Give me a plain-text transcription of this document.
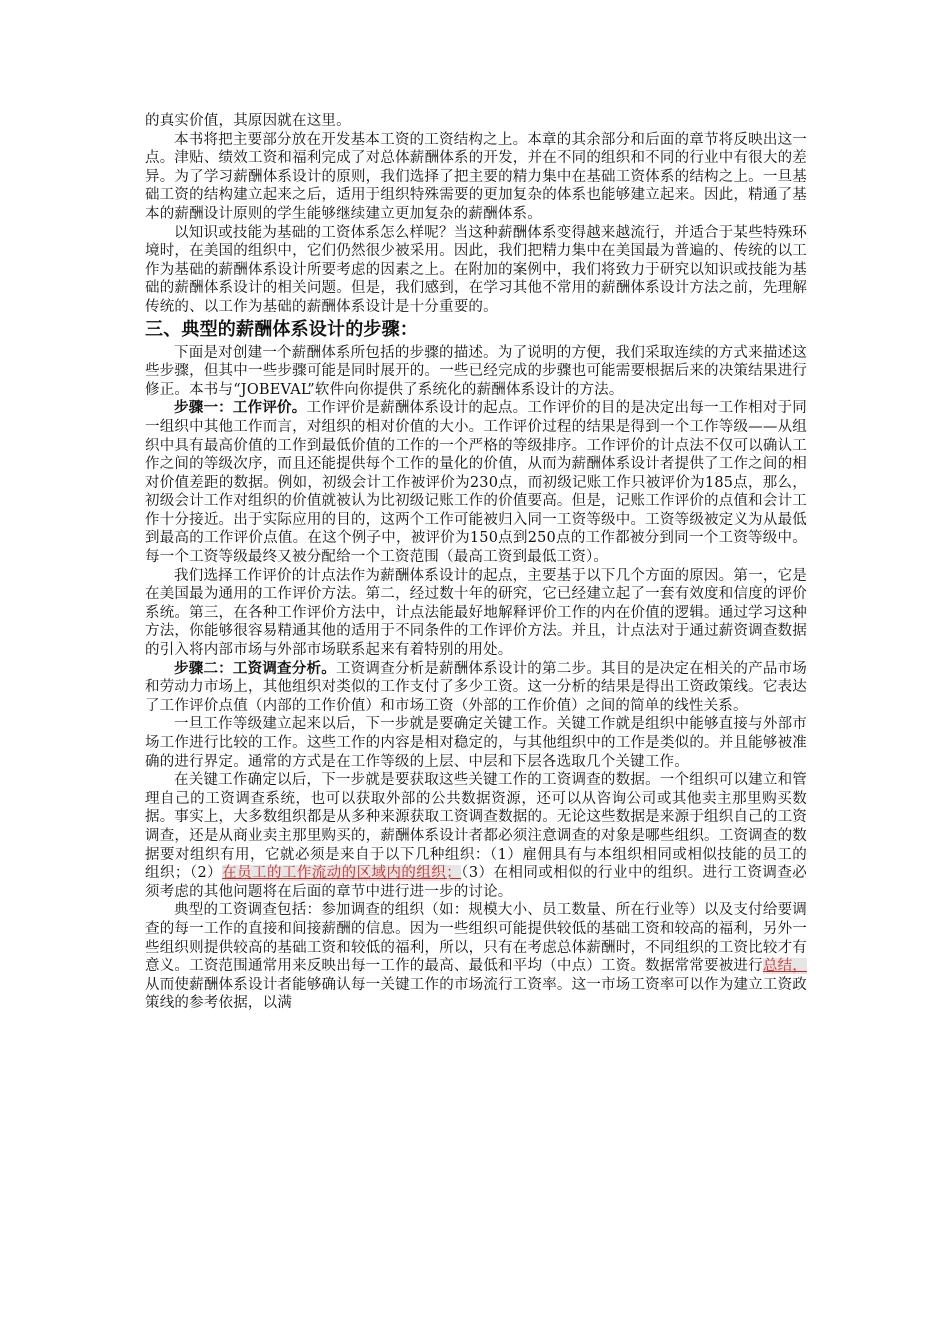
的真实价值，其原因就在这里。

本书将把主要部分放在开发基本工资的工资结构之上。本章的其余部分和后面的章节将反映出这一点。津贴、绩效工资和福利完成了对总体薪酬体系的开发，并在不同的组织和不同的行业中有很大的差异。为了学习薪酬体系设计的原则，我们选择了把主要的精力集中在基础工资体系的结构之上。一旦基础工资的结构建立起来之后，适用于组织特殊需要的更加复杂的体系也能够建立起来。因此，精通了基本的薪酬设计原则的学生能够继续建立更加复杂的薪酬体系。

以知识或技能为基础的工资体系怎么样呢？当这种薪酬体系变得越来越流行，并适合于某些特殊环境时，在美国的组织中，它们仍然很少被采用。因此，我们把精力集中在美国最为普遍的、传统的以工作为基础的薪酬体系设计所要考虑的因素之上。在附加的案例中，我们将致力于研究以知识或技能为基础的薪酬体系设计的相关问题。但是，我们感到，在学习其他不常用的薪酬体系设计方法之前，先理解传统的、以工作为基础的薪酬体系设计是十分重要的。

三、典型的薪酬体系设计的步骤：

下面是对创建一个薪酬体系所包括的步骤的描述。为了说明的方便，我们采取连续的方式来描述这些步骤，但其中一些步骤可能是同时展开的。一些已经完成的步骤也可能需要根据后来的决策结果进行修正。本书与“JOBEVAL”软件向你提供了系统化的薪酬体系设计的方法。

步骤一：工作评价。工作评价是薪酬体系设计的起点。工作评价的目的是决定出每一工作相对于同一组织中其他工作而言，对组织的相对价值的大小。工作评价过程的结果是得到一个工作等级——从组织中具有最高价值的工作到最低价值的工作的一个严格的等级排序。工作评价的计点法不仅可以确认工作之间的等级次序，而且还能提供每个工作的量化的价值，从而为薪酬体系设计者提供了工作之间的相对价值差距的数据。例如，初级会计工作被评价为230点，而初级记账工作只被评价为185点，那么，初级会计工作对组织的价值就被认为比初级记账工作的价值要高。但是，记账工作评价的点值和会计工作十分接近。出于实际应用的目的，这两个工作可能被归入同一工资等级中。工资等级被定义为从最低到最高的工作评价点值。在这个例子中，被评价为150点到250点的工作都被分到同一个工资等级中。每一个工资等级最终又被分配给一个工资范围（最高工资到最低工资）。

我们选择工作评价的计点法作为薪酬体系设计的起点，主要基于以下几个方面的原因。第一，它是在美国最为通用的工作评价方法。第二，经过数十年的研究，它已经建立起了一套有效度和信度的评价系统。第三，在各种工作评价方法中，计点法能最好地解释评价工作的内在价值的逻辑。通过学习这种方法，你能够很容易精通其他的适用于不同条件的工作评价方法。并且，计点法对于通过薪资调查数据的引入将内部市场与外部市场联系起来有着特别的用处。

步骤二：工资调查分析。工资调查分析是薪酬体系设计的第二步。其目的是决定在相关的产品市场和劳动力市场上，其他组织对类似的工作支付了多少工资。这一分析的结果是得出工资政策线。它表达了工作评价点值（内部的工作价值）和市场工资（外部的工作价值）之间的简单的线性关系。

一旦工作等级建立起来以后，下一步就是要确定关键工作。关键工作就是组织中能够直接与外部市场工作进行比较的工作。这些工作的内容是相对稳定的，与其他组织中的工作是类似的。并且能够被准确的进行界定。通常的方式是在工作等级的上层、中层和下层各选取几个关键工作。

在关键工作确定以后，下一步就是要获取这些关键工作的工资调查的数据。一个组织可以建立和管理自己的工资调查系统，也可以获取外部的公共数据资源，还可以从咨询公司或其他卖主那里购买数据。事实上，大多数组织都是从多种来源获取工资调查数据的。无论这些数据是来源于组织自己的工资调查，还是从商业卖主那里购买的，薪酬体系设计者都必须注意调查的对象是哪些组织。工资调查的数据要对组织有用，它就必须是来自于以下几种组织：（1）雇佣具有与本组织相同或相似技能的员工的组织；（2）在员工的工作流动的区域内的组织；（3）在相同或相似的行业中的组织。进行工资调查必须考虑的其他问题将在后面的章节中进行进一步的讨论。

典型的工资调查包括：参加调查的组织（如：规模大小、员工数量、所在行业等）以及支付给要调查的每一工作的直接和间接薪酬的信息。因为一些组织可能提供较低的基础工资和较高的福利，另外一些组织则提供较高的基础工资和较低的福利，所以，只有在考虑总体薪酬时，不同组织的工资比较才有意义。工资范围通常用来反映出每一工作的最高、最低和平均（中点）工资。数据常常要被进行总结，从而使薪酬体系设计者能够确认每一关键工作的市场流行工资率。这一市场工资率可以作为建立工资政策线的参考依据，以满
